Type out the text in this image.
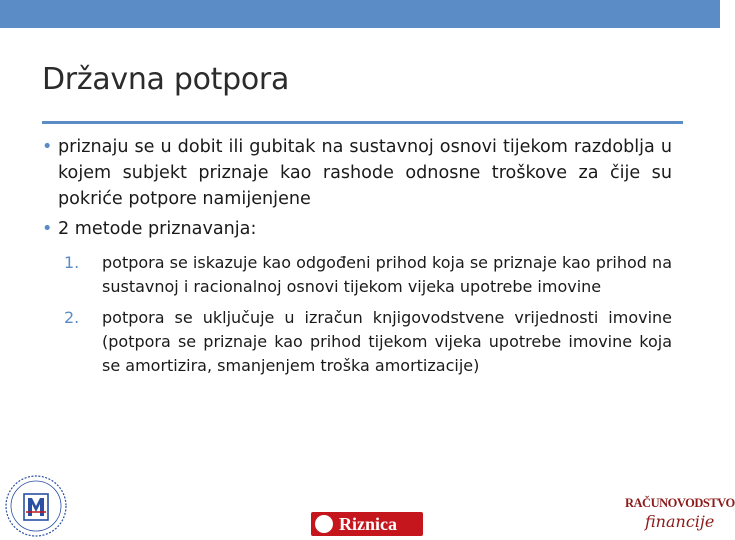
Državna potpora

• priznaju se u dobit ili gubitak na sustavnoj osnovi tijekom razdoblja u kojem subjekt priznaje kao rashode odnosne troškove za čije su pokriće potpore namijenjene

• 2 metode priznavanja:

1. potpora se iskazuje kao odgođeni prihod koja se priznaje kao prihod na sustavnoj i racionalnoj osnovi tijekom vijeka upotrebe imovine
2. potpora se uključuje u izračun knjigovodstvene vrijednosti imovine (potpora se priznaje kao prihod tijekom vijeka upotrebe imovine koja se amortizira, smanjenjem troška amortizacije)
Riznica
RAČUNOVODSTVO
financije
